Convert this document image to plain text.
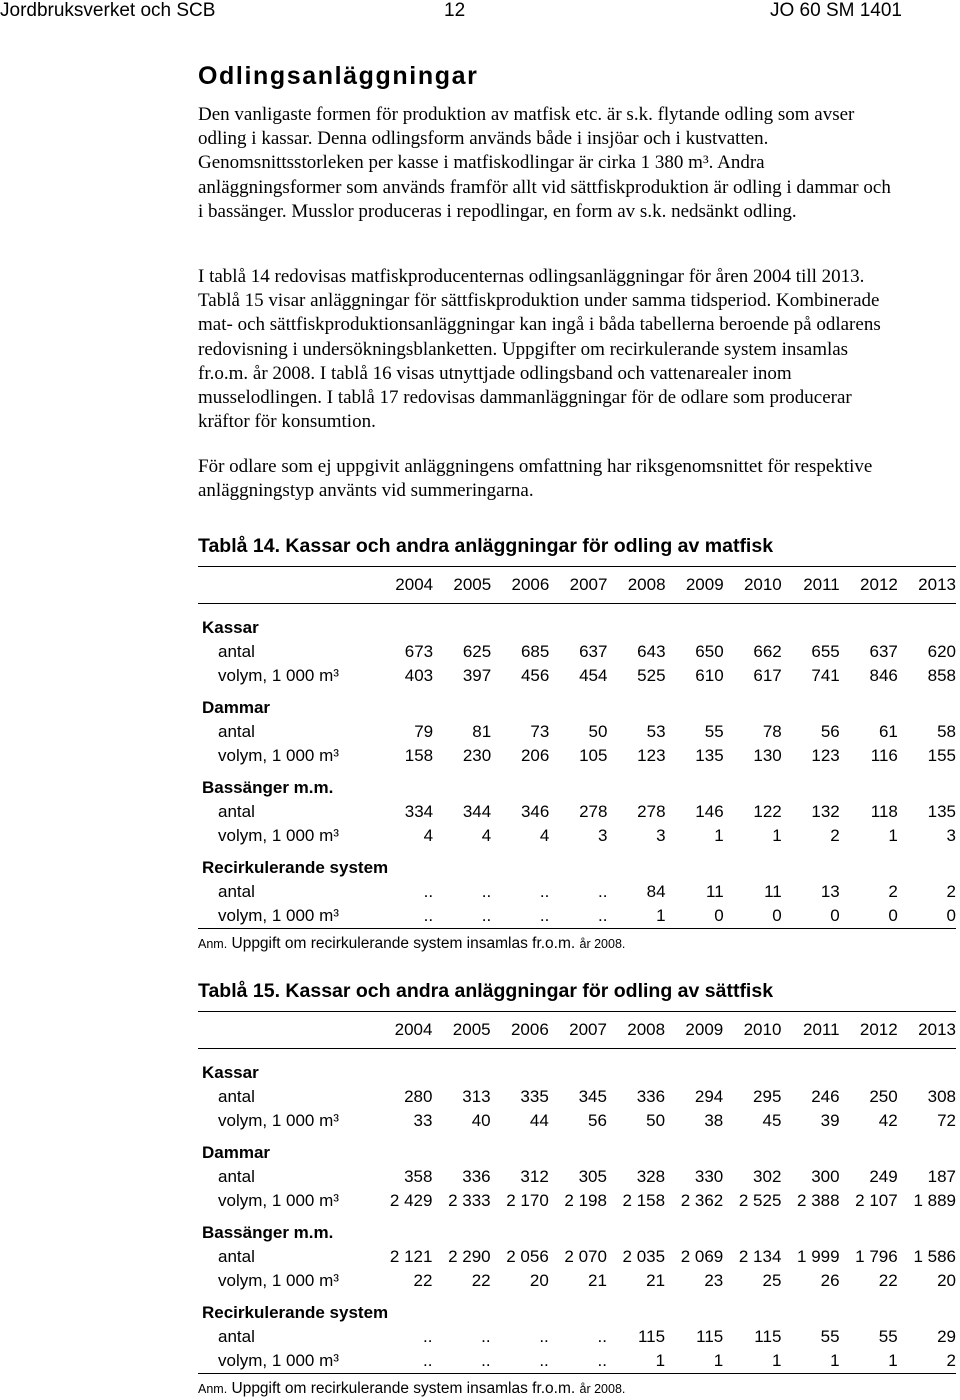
Jordbruksverket och SCB	12	JO 60 SM 1401
Odlingsanläggningar
Den vanligaste formen för produktion av matfisk etc. är s.k. flytande odling som avser odling i kassar. Denna odlingsform används både i insjöar och i kustvatten. Genomsnittsstorleken per kasse i matfiskodlingar är cirka 1 380 m³. Andra anläggningsformer som används framför allt vid sättfiskproduktion är odling i dammar och i bassänger. Musslor produceras i repodlingar, en form av s.k. nedsänkt odling.
I tablå 14 redovisas matfiskproducenternas odlingsanläggningar för åren 2004 till 2013. Tablå 15 visar anläggningar för sättfiskproduktion under samma tidsperiod. Kombinerade mat- och sättfiskproduktionsanläggningar kan ingå i båda tabellerna beroende på odlarens redovisning i undersökningsblanketten. Uppgifter om recirkulerande system insamlas fr.o.m. år 2008. I tablå 16 visas utnyttjade odlingsband och vattenarealer inom musselodlingen. I tablå 17 redovisas dammanläggningar för de odlare som producerar kräftor för konsumtion.
För odlare som ej uppgivit anläggningens omfattning har riksgenomsnittet för respektive anläggningstyp använts vid summeringarna.
Tablå 14. Kassar och andra anläggningar för odling av matfisk
	2004	2005	2006	2007	2008	2009	2010	2011	2012	2013

Kassar										
antal	673	625	685	637	643	650	662	655	637	620
volym, 1 000 m³	403	397	456	454	525	610	617	741	846	858

Dammar										
antal	79	81	73	50	53	55	78	56	61	58
volym, 1 000 m³	158	230	206	105	123	135	130	123	116	155

Bassänger m.m.										
antal	334	344	346	278	278	146	122	132	118	135
volym, 1 000 m³	4	4	4	3	3	1	1	2	1	3

Recirkulerande system										
antal	..	..	..	..	84	11	11	13	2	2
volym, 1 000 m³	..	..	..	..	1	0	0	0	0	0
Anm. Uppgift om recirkulerande system insamlas fr.o.m. år 2008.
Tablå 15. Kassar och andra anläggningar för odling av sättfisk
	2004	2005	2006	2007	2008	2009	2010	2011	2012	2013

Kassar										
antal	280	313	335	345	336	294	295	246	250	308
volym, 1 000 m³	33	40	44	56	50	38	45	39	42	72

Dammar										
antal	358	336	312	305	328	330	302	300	249	187
volym, 1 000 m³	2 429	2 333	2 170	2 198	2 158	2 362	2 525	2 388	2 107	1 889

Bassänger m.m.										
antal	2 121	2 290	2 056	2 070	2 035	2 069	2 134	1 999	1 796	1 586
volym, 1 000 m³	22	22	20	21	21	23	25	26	22	20

Recirkulerande system										
antal	..	..	..	..	115	115	115	55	55	29
volym, 1 000 m³	..	..	..	..	1	1	1	1	1	2
Anm. Uppgift om recirkulerande system insamlas fr.o.m. år 2008.
